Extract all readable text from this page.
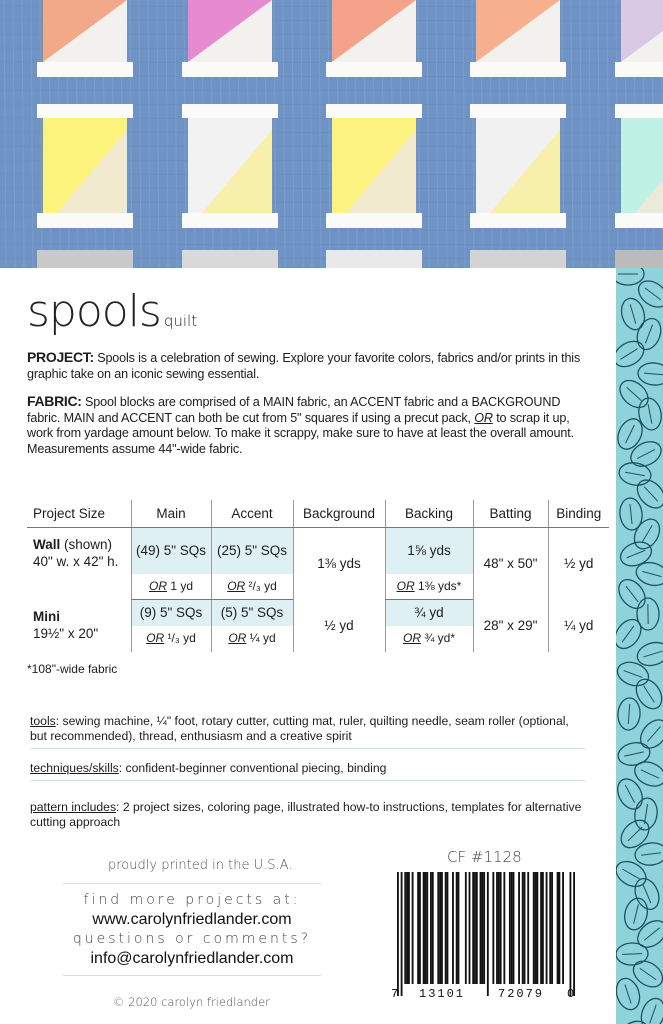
spools quilt
PROJECT: Spools is a celebration of sewing. Explore your favorite colors, fabrics and/or prints in this graphic take on an iconic sewing essential.
FABRIC: Spool blocks are comprised of a MAIN fabric, an ACCENT fabric and a BACKGROUND fabric. MAIN and ACCENT can both be cut from 5" squares if using a precut pack, OR to scrap it up, work from yardage amount below. To make it scrappy, make sure to have at least the overall amount. Measurements assume 44"-wide fabric.
Project Size	Main	Accent	Background	Backing	Batting	Binding
Wall (shown)
40" w. x 42" h.	(49) 5" SQs	(25) 5" SQs	1⅜ yds	1⅝ yds	48" x 50"	½ yd
	OR 1 yd	OR ²/₃ yd		OR 1⅜ yds*		
Mini
19½" x 20"	(9) 5" SQs	(5) 5" SQs	½ yd	¾ yd	28" x 29"	¼ yd
	OR ¹/₃ yd	OR ¼ yd		OR ¾ yd*		
*108"-wide fabric
tools: sewing machine, ¼" foot, rotary cutter, cutting mat, ruler, quilting needle, seam roller (optional, but recommended), thread, enthusiasm and a creative spirit
techniques/skills: confident-beginner conventional piecing, binding
pattern includes: 2 project sizes, coloring page, illustrated how-to instructions, templates for alternative cutting approach
proudly printed in the U.S.A.
find more projects at:
www.carolynfriedlander.com
questions or comments?
info@carolynfriedlander.com
© 2020 carolyn friedlander
CF #1128
7 13101	72079 0
